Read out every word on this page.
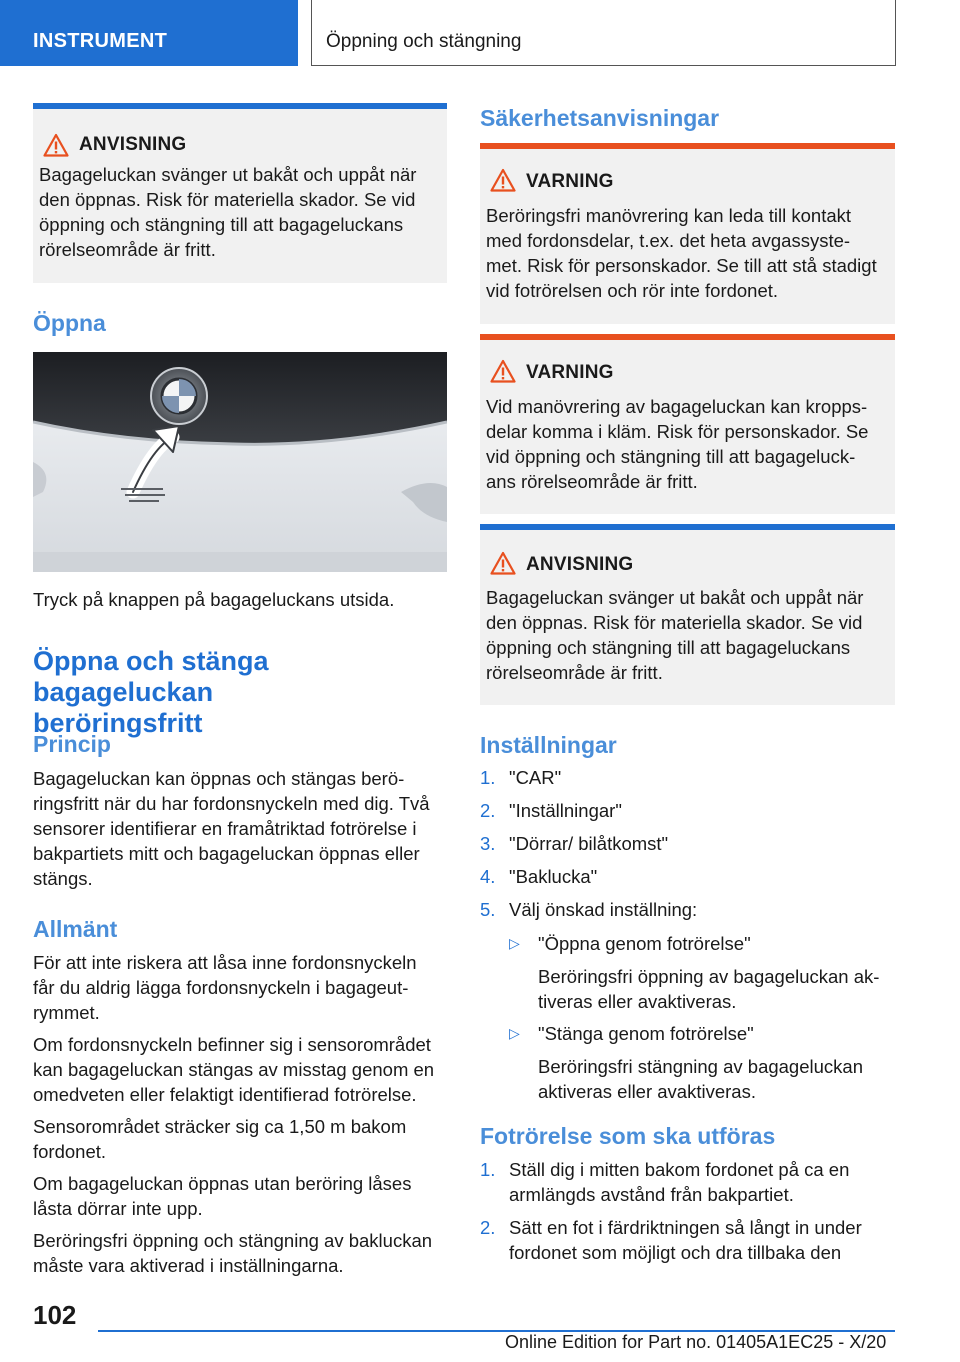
INSTRUMENT	Öppning och stängning
ANVISNING
Bagageluckan svänger ut bakåt och uppåt när
den öppnas. Risk för materiella skador. Se vid
öppning och stängning till att bagageluckans
rörelseområde är fritt.
Öppna
Tryck på knappen på bagageluckans utsida.
Öppna och stänga bagageluckan
beröringsfritt
Princip
Bagageluckan kan öppnas och stängas berö‐
ringsfritt när du har fordonsnyckeln med dig. Två
sensorer identifierar en framåtriktad fotrörelse i
bakpartiets mitt och bagageluckan öppnas eller
stängs.
Allmänt
För att inte riskera att låsa inne fordonsnyckeln
får du aldrig lägga fordonsnyckeln i bagageut‐
rymmet.
Om fordonsnyckeln befinner sig i sensorområdet
kan bagageluckan stängas av misstag genom en
omedveten eller felaktigt identifierad fotrörelse.
Sensorområdet sträcker sig ca 1,50 m bakom
fordonet.
Om bagageluckan öppnas utan beröring låses
låsta dörrar inte upp.
Beröringsfri öppning och stängning av bakluckan
måste vara aktiverad i inställningarna.
Säkerhetsanvisningar
VARNING
Beröringsfri manövrering kan leda till kontakt
med fordonsdelar, t.ex. det heta avgassyste‐
met. Risk för personskador. Se till att stå stadigt
vid fotrörelsen och rör inte fordonet.
VARNING
Vid manövrering av bagageluckan kan kropps‐
delar komma i kläm. Risk för personskador. Se
vid öppning och stängning till att bagageluck‐
ans rörelseområde är fritt.
ANVISNING
Bagageluckan svänger ut bakåt och uppåt när
den öppnas. Risk för materiella skador. Se vid
öppning och stängning till att bagageluckans
rörelseområde är fritt.
Inställningar
1. "CAR"
2. "Inställningar"
3. "Dörrar/ bilåtkomst"
4. "Baklucka"
5. Välj önskad inställning:
▷ "Öppna genom fotrörelse"
Beröringsfri öppning av bagageluckan ak‐
tiveras eller avaktiveras.
▷ "Stänga genom fotrörelse"
Beröringsfri stängning av bagageluckan
aktiveras eller avaktiveras.
Fotrörelse som ska utföras
1. Ställ dig i mitten bakom fordonet på ca en
armlängds avstånd från bakpartiet.
2. Sätt en fot i färdriktningen så långt in under
fordonet som möjligt och dra tillbaka den
102
Online Edition for Part no. 01405A1EC25 - X/20
